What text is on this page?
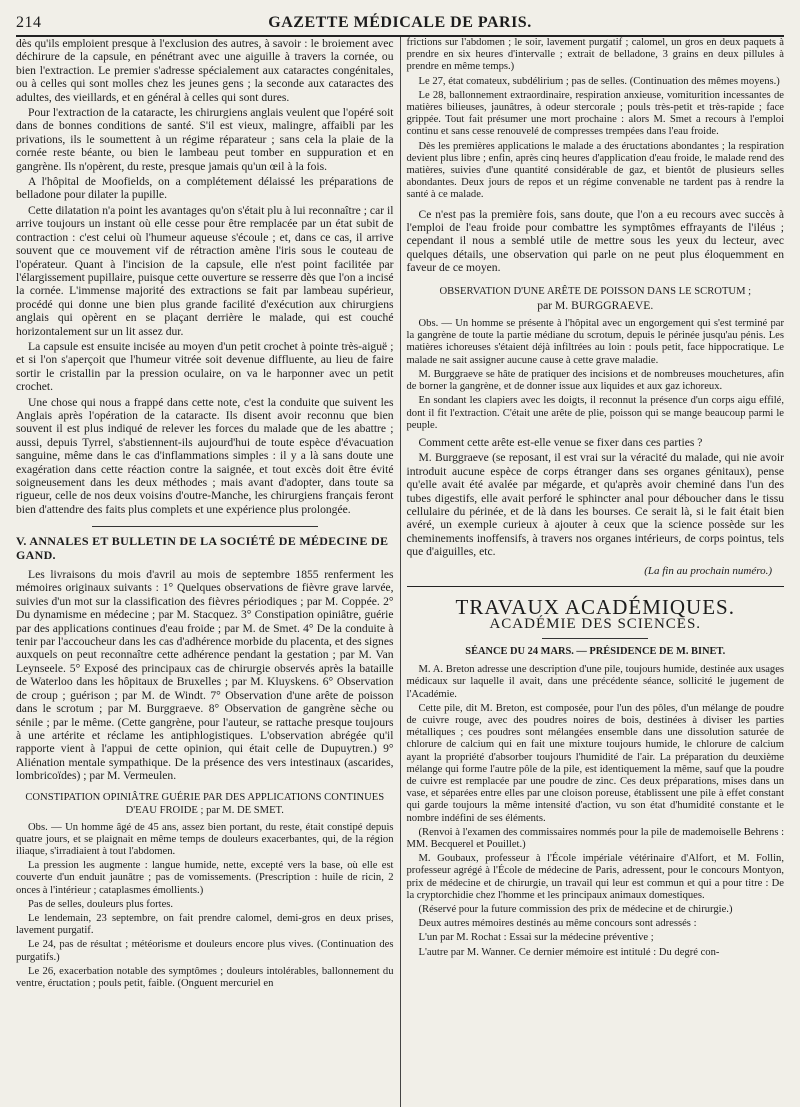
214	GAZETTE MÉDICALE DE PARIS.

dès qu'ils emploient presque à l'exclusion des autres, à savoir : le broiement avec déchirure de la capsule, en pénétrant avec une aiguille à travers la cornée, ou bien l'extraction. Le premier s'adresse spécialement aux cataractes congénitales, ou à celles qui sont molles chez les jeunes gens ; la seconde aux cataractes des adultes, des vieillards, et en général à celles qui sont dures.

Pour l'extraction de la cataracte, les chirurgiens anglais veulent que l'opéré soit dans de bonnes conditions de santé. S'il est vieux, malingre, affaibli par les privations, ils le soumettent à un régime réparateur ; sans cela la plaie de la cornée reste béante, ou bien le lambeau peut tomber en suppuration et en gangrène. Ils n'opèrent, du reste, presque jamais qu'un œil à la fois.

A l'hôpital de Moofields, on a complétement délaissé les préparations de belladone pour dilater la pupille.

Cette dilatation n'a point les avantages qu'on s'était plu à lui reconnaître ; car il arrive toujours un instant où elle cesse pour être remplacée par un état subit de contraction : c'est celui où l'humeur aqueuse s'écoule ; et, dans ce cas, il arrive souvent que ce mouvement vif de rétraction amène l'iris sous le couteau de l'opérateur. Quant à l'incision de la capsule, elle n'est point facilitée par l'élargissement pupillaire, puisque cette ouverture se resserre dès que l'on a incisé la cornée. L'immense majorité des extractions se fait par lambeau supérieur, procédé qui donne une bien plus grande facilité d'exécution aux chirurgiens anglais qui opèrent en se plaçant derrière le malade, qui est couché horizontalement sur un lit assez dur.

La capsule est ensuite incisée au moyen d'un petit crochet à pointe très-aiguë ; et si l'on s'aperçoit que l'humeur vitrée soit devenue diffluente, au lieu de faire sortir le cristallin par la pression oculaire, on va le harponner avec un petit crochet.

Une chose qui nous a frappé dans cette note, c'est la conduite que suivent les Anglais après l'opération de la cataracte. Ils disent avoir reconnu que bien souvent il est plus indiqué de relever les forces du malade que de les abattre ; aussi, depuis Tyrrel, s'abstiennent-ils aujourd'hui de toute espèce d'évacuation sanguine, même dans le cas d'inflammations simples : il y a là sans doute une exagération dans cette réaction contre la saignée, et tout excès doit être évité soigneusement dans les deux méthodes ; mais avant d'adopter, dans toute sa rigueur, celle de nos deux voisins d'outre-Manche, les chirurgiens français feront bien d'attendre des faits plus complets et une expérience plus prolongée.

V. ANNALES ET BULLETIN DE LA SOCIÉTÉ DE MÉDECINE DE GAND.

Les livraisons du mois d'avril au mois de septembre 1855 renferment les mémoires originaux suivants : 1° Quelques observations de fièvre grave larvée, suivies d'un mot sur la classification des fièvres périodiques ; par M. Coppée. 2° Du dynamisme en médecine ; par M. Stacquez. 3° Constipation opiniâtre, guérie par des applications continues d'eau froide ; par M. de Smet. 4° De la conduite à tenir par l'accoucheur dans les cas d'adhérence morbide du placenta, et des signes auxquels on peut reconnaître cette adhérence pendant la gestation ; par M. Van Leynseele. 5° Exposé des principaux cas de chirurgie observés après la bataille de Waterloo dans les hôpitaux de Bruxelles ; par M. Kluyskens. 6° Observation de croup ; guérison ; par M. de Windt. 7° Observation d'une arête de poisson dans le scrotum ; par M. Burggraeve. 8° Observation de gangrène sèche ou sénile ; par le même. (Cette gangrène, pour l'auteur, se rattache presque toujours à une artérite et réclame les antiphlogistiques. L'observation abrégée qu'il rapporte vient à l'appui de cette opinion, qui était celle de Dupuytren.) 9° Aliénation mentale sympathique. De la présence des vers intestinaux (ascarides, lombricoïdes) ; par M. Vermeulen.

CONSTIPATION OPINIÂTRE GUÉRIE PAR DES APPLICATIONS CONTINUES D'EAU FROIDE ; par M. DE SMET.

Obs. — Un homme âgé de 45 ans, assez bien portant, du reste, était constipé depuis quatre jours, et se plaignait en même temps de douleurs exacerbantes, qui, de la région iliaque, s'irradiaient à tout l'abdomen.

La pression les augmente : langue humide, nette, excepté vers la base, où elle est couverte d'un enduit jaunâtre ; pas de vomissements. (Prescription : huile de ricin, 2 onces à l'intérieur ; cataplasmes émollients.)

Pas de selles, douleurs plus fortes.

Le lendemain, 23 septembre, on fait prendre calomel, demi-gros en deux prises, lavement purgatif.

Le 24, pas de résultat ; météorisme et douleurs encore plus vives. (Continuation des purgatifs.)

Le 26, exacerbation notable des symptômes ; douleurs intolérables, ballonnement du ventre, éructation ; pouls petit, faible. (Onguent mercuriel en

frictions sur l'abdomen ; le soir, lavement purgatif ; calomel, un gros en deux paquets à prendre en six heures d'intervalle ; extrait de belladone, 3 grains en deux pillules à prendre en même temps.)

Le 27, état comateux, subdélirium ; pas de selles. (Continuation des mêmes moyens.)

Le 28, ballonnement extraordinaire, respiration anxieuse, vomiturition incessantes de matières bilieuses, jaunâtres, à odeur stercorale ; pouls très-petit et très-rapide ; face grippée. Tout fait présumer une mort prochaine : alors M. Smet a recours à l'emploi continu et sans cesse renouvelé de compresses trempées dans l'eau froide.

Dès les premières applications le malade a des éructations abondantes ; la respiration devient plus libre ; enfin, après cinq heures d'application d'eau froide, le malade rend des matières, suivies d'une quantité considérable de gaz, et bientôt de plusieurs selles abondantes. Deux jours de repos et un régime convenable ne tardent pas à rendre la santé à ce malade.

Ce n'est pas la première fois, sans doute, que l'on a eu recours avec succès à l'emploi de l'eau froide pour combattre les symptômes effrayants de l'iléus ; cependant il nous a semblé utile de mettre sous les yeux du lecteur, avec quelques détails, une observation qui parle on ne peut plus éloquemment en faveur de ce moyen.

OBSERVATION D'UNE ARÊTE DE POISSON DANS LE SCROTUM ;
par M. BURGGRAEVE.

Obs. — Un homme se présente à l'hôpital avec un engorgement qui s'est terminé par la gangrène de toute la partie médiane du scrotum, depuis le périnée jusqu'au pénis. Les matières ichoreuses s'étaient déjà infiltrées au loin : pouls petit, face hippocratique. Le malade ne sait assigner aucune cause à cette grave maladie.

M. Burggraeve se hâte de pratiquer des incisions et de nombreuses mouchetures, afin de borner la gangrène, et de donner issue aux liquides et aux gaz ichoreux.

En sondant les clapiers avec les doigts, il reconnut la présence d'un corps aigu effilé, dont il fit l'extraction. C'était une arête de plie, poisson qui se mange beaucoup parmi le peuple.

Comment cette arête est-elle venue se fixer dans ces parties ?

M. Burggraeve (se reposant, il est vrai sur la véracité du malade, qui nie avoir introduit aucune espèce de corps étranger dans ses organes génitaux), pense qu'elle avait été avalée par mégarde, et qu'après avoir cheminé dans l'un des tubes digestifs, elle avait perforé le sphincter anal pour déboucher dans le tissu cellulaire du périnée, et de là dans les bourses. Ce serait là, si le fait était bien avéré, un exemple curieux à ajouter à ceux que la science possède sur les cheminements inoffensifs, à travers nos organes intérieurs, de corps pointus, tels que d'aiguilles, etc.

(La fin au prochain numéro.)
TRAVAUX ACADÉMIQUES.
ACADÉMIE DES SCIENCES.
SÉANCE DU 24 MARS. — PRÉSIDENCE DE M. BINET.

M. A. Breton adresse une description d'une pile, toujours humide, destinée aux usages médicaux sur laquelle il avait, dans une précédente séance, sollicité le jugement de l'Académie.

Cette pile, dit M. Breton, est composée, pour l'un des pôles, d'un mélange de poudre de cuivre rouge, avec des poudres noires de bois, destinées à diviser les parties métalliques ; ces poudres sont mélangées ensemble dans une dissolution saturée de chlorure de calcium qui en fait une mixture toujours humide, le chlorure de calcium ayant la propriété d'absorber toujours l'humidité de l'air. La préparation du deuxième mélange qui forme l'autre pôle de la pile, est identiquement la même, sauf que la poudre de cuivre est remplacée par une poudre de zinc. Ces deux préparations, mises dans un vase, et séparées entre elles par une cloison poreuse, établissent une pile à effet constant qui garde toujours la même intensité d'action, vu son état d'humidité constante et le nombre indéfini de ses éléments.

(Renvoi à l'examen des commissaires nommés pour la pile de mademoiselle Behrens : MM. Becquerel et Pouillet.)

M. Goubaux, professeur à l'École impériale vétérinaire d'Alfort, et M. Follin, professeur agrégé à l'École de médecine de Paris, adressent, pour le concours Montyon, prix de médecine et de chirurgie, un travail qui leur est commun et qui a pour titre : De la cryptorchidie chez l'homme et les principaux animaux domestiques.

(Réservé pour la future commission des prix de médecine et de chirurgie.)

Deux autres mémoires destinés au même concours sont adressés :

L'un par M. Rochat : Essai sur la médecine préventive ;

L'autre par M. Wanner. Ce dernier mémoire est intitulé : Du degré con-
